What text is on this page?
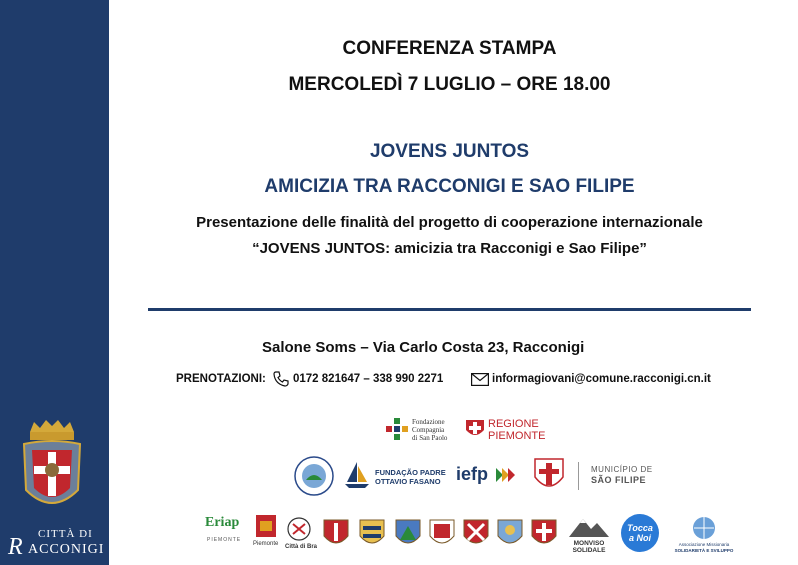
CITTÀ DI
R ACCONIGI
CONFERENZA STAMPA
MERCOLEDÌ 7 LUGLIO – ORE 18.00
JOVENS JUNTOS
AMICIZIA TRA RACCONIGI E SAO FILIPE
Presentazione delle finalità del progetto di cooperazione internazionale
“JOVENS JUNTOS: amicizia tra Racconigi e Sao Filipe”
Salone Soms – Via Carlo Costa 23, Racconigi
PRENOTAZIONI: 0172 821647 – 338 990 2271	informagiovani@comune.racconigi.cn.it
Fondazione
Compagnia
di San Paolo
REGIONE
PIEMONTE
FUNDAÇÃO PADRE
OTTAVIO FASANO iefp	MUNICÍPIO DE
SÃO FILIPE
Eriap
PIEMONTE
Piemonte Città di Bra	MONVISO
SOLIDALE
Tocca
a Noi
Associazione Missionaria
SOLIDARIETÀ E SVILUPPO
